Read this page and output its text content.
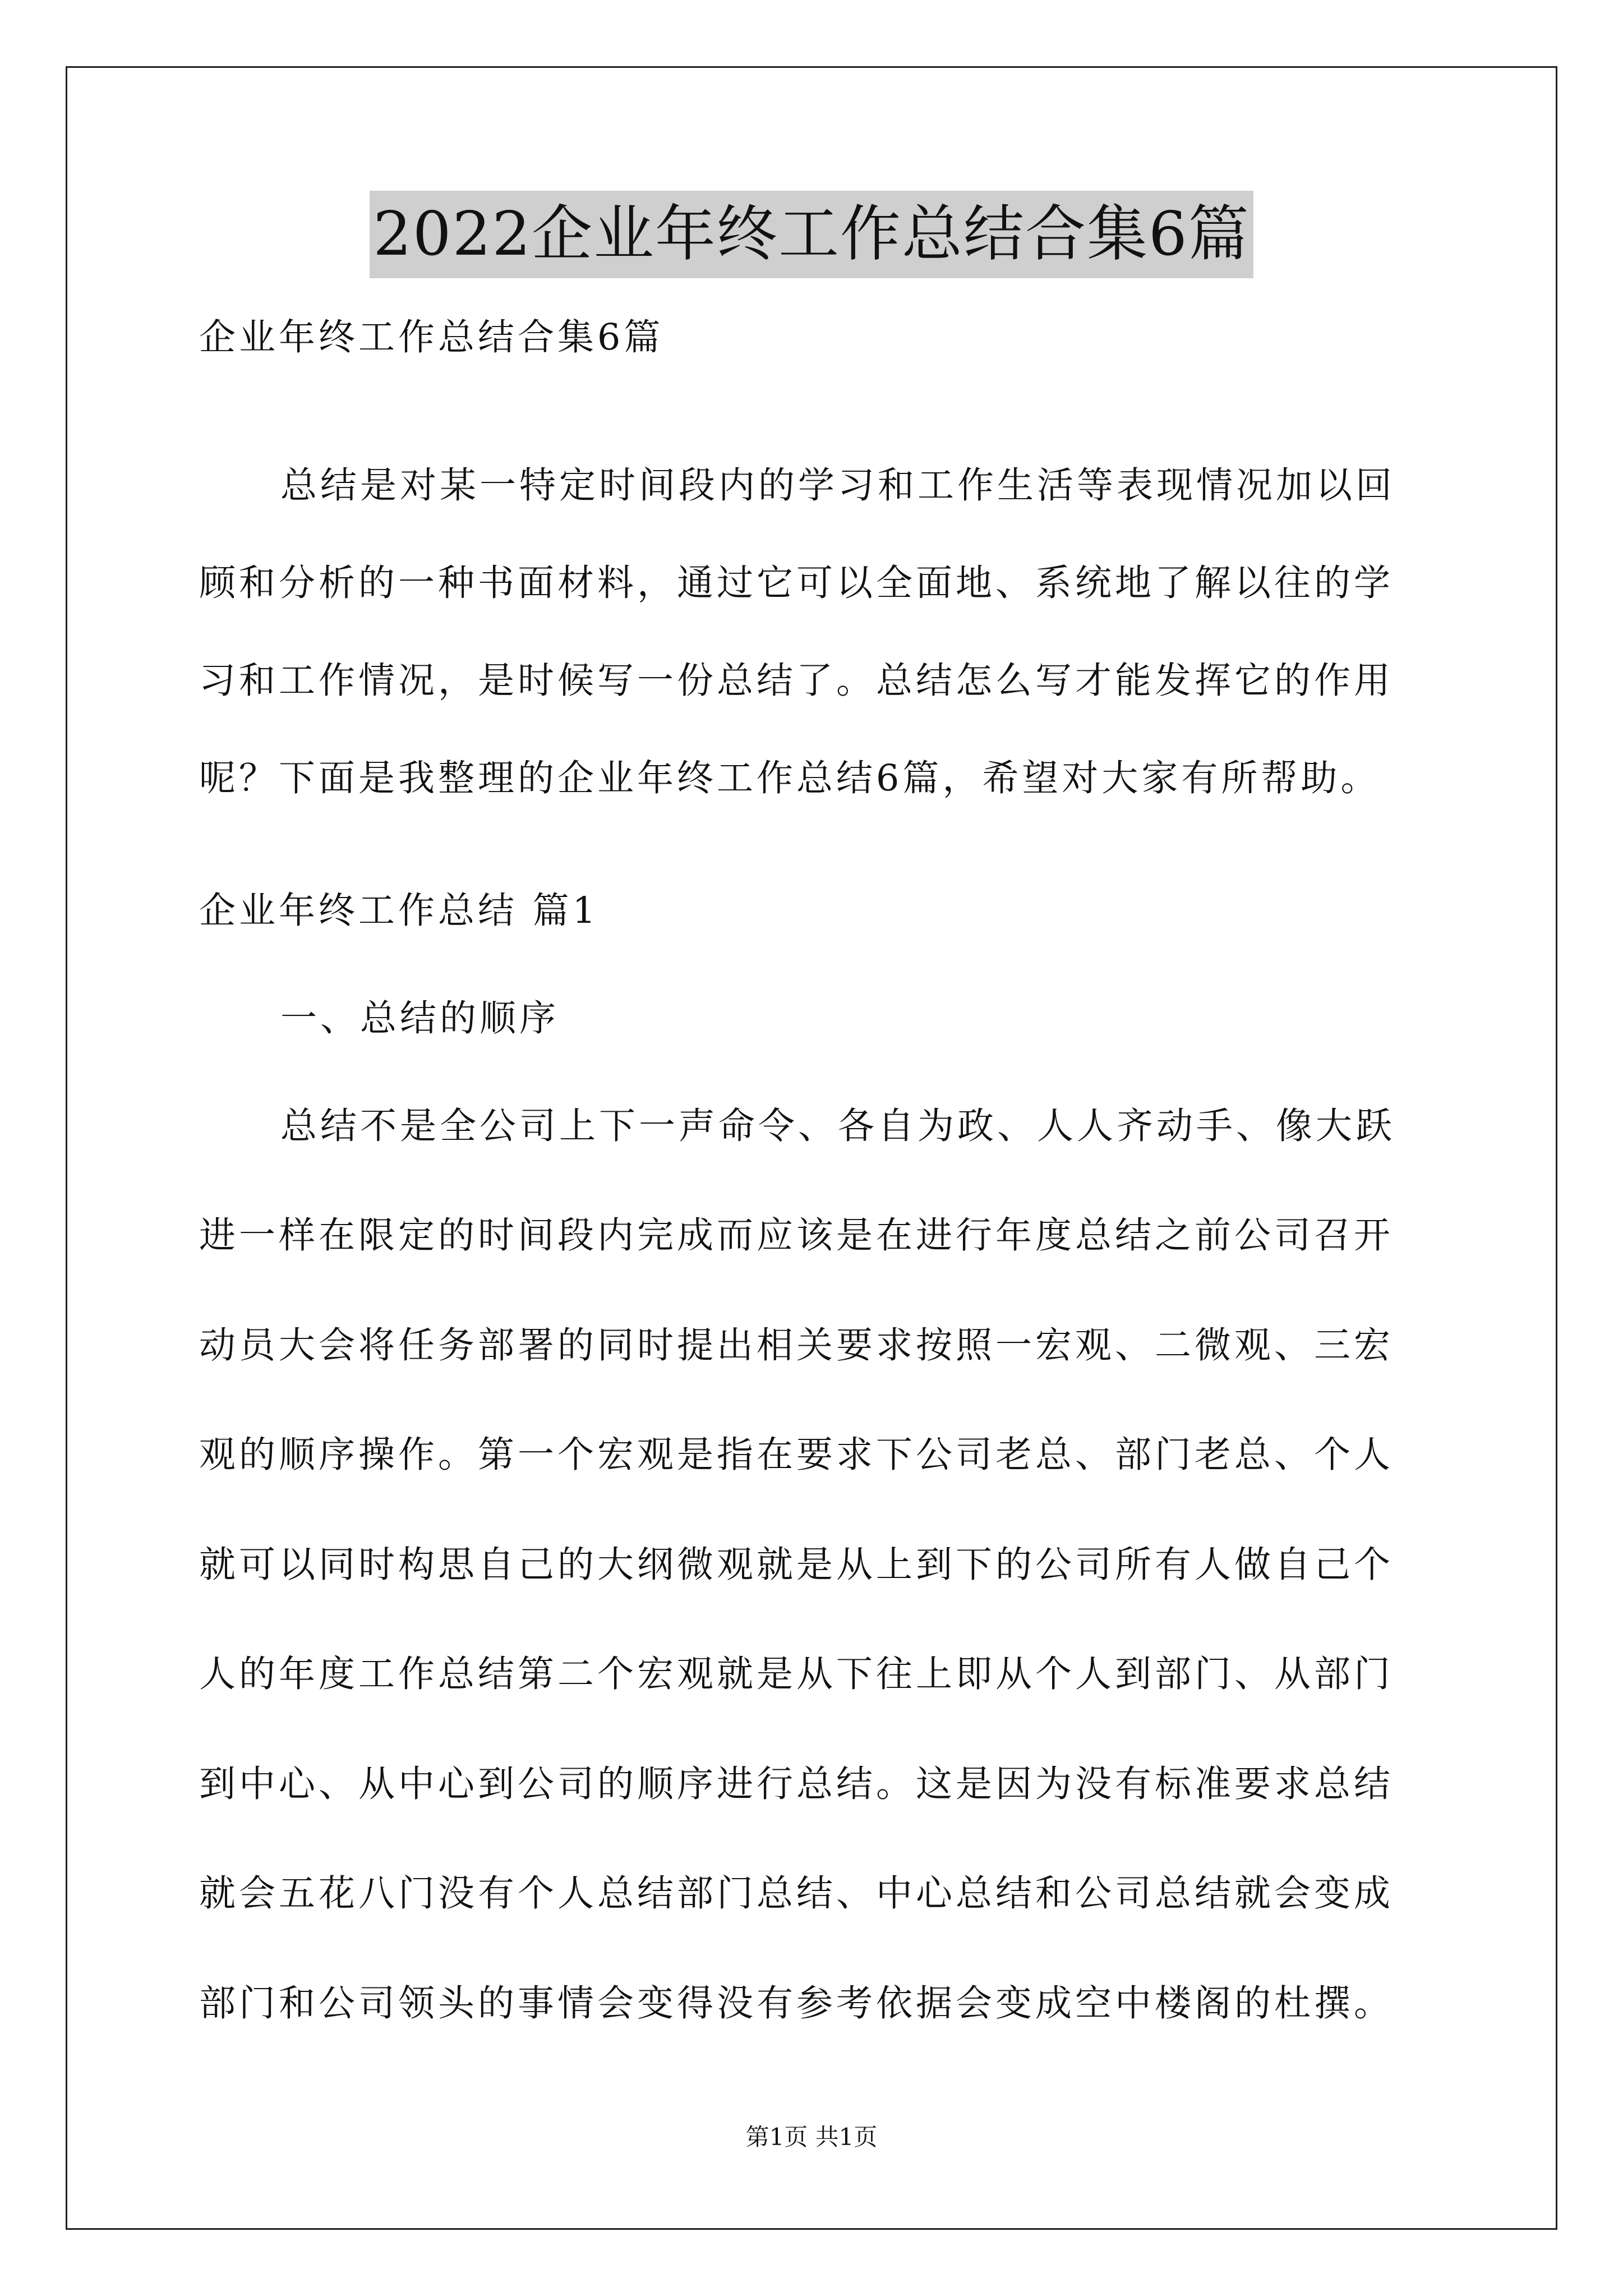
2022企业年终工作总结合集6篇
企业年终工作总结合集6篇
总结是对某一特定时间段内的学习和工作生活等表现情况加以回
顾和分析的一种书面材料，通过它可以全面地、系统地了解以往的学
习和工作情况，是时候写一份总结了。总结怎么写才能发挥它的作用
呢？下面是我整理的企业年终工作总结6篇，希望对大家有所帮助。
企业年终工作总结 篇1
一、总结的顺序
总结不是全公司上下一声命令、各自为政、人人齐动手、像大跃
进一样在限定的时间段内完成而应该是在进行年度总结之前公司召开
动员大会将任务部署的同时提出相关要求按照一宏观、二微观、三宏
观的顺序操作。第一个宏观是指在要求下公司老总、部门老总、个人
就可以同时构思自己的大纲微观就是从上到下的公司所有人做自己个
人的年度工作总结第二个宏观就是从下往上即从个人到部门、从部门
到中心、从中心到公司的顺序进行总结。这是因为没有标准要求总结
就会五花八门没有个人总结部门总结、中心总结和公司总结就会变成
部门和公司领头的事情会变得没有参考依据会变成空中楼阁的杜撰。
第1页 共1页
